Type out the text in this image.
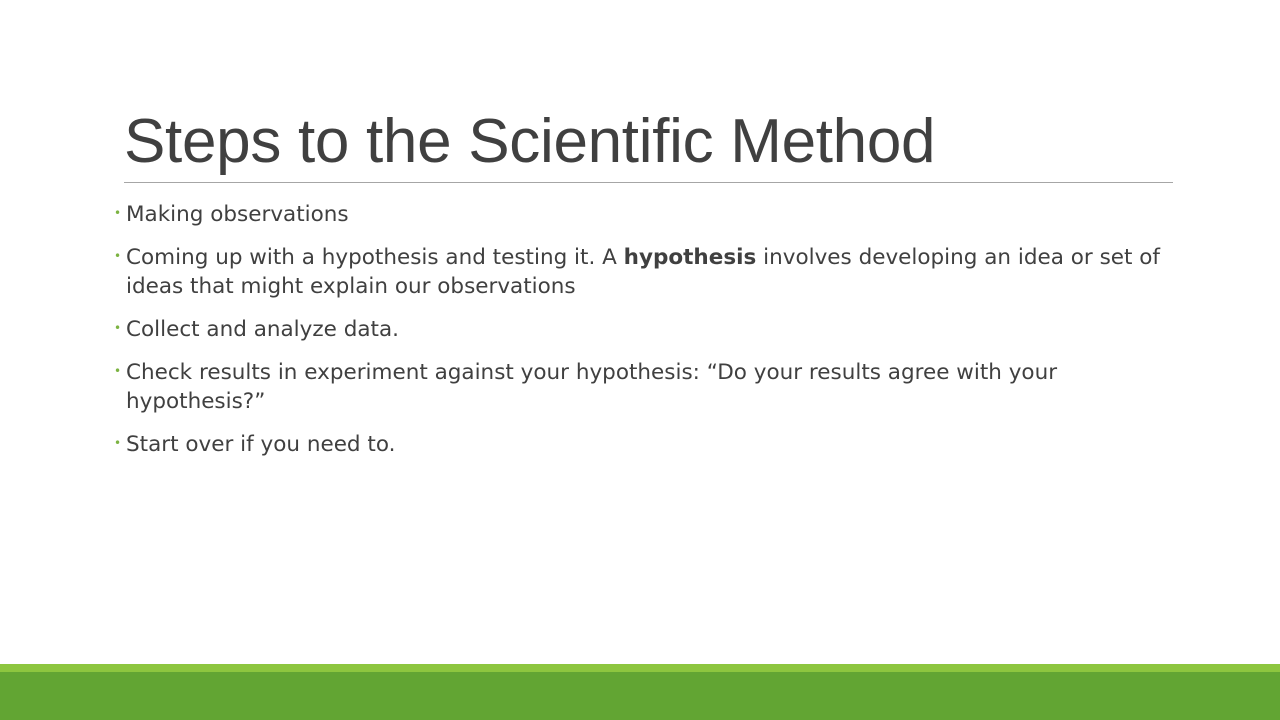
Steps to the Scientific Method
• Making observations
• Coming up with a hypothesis and testing it. A hypothesis involves developing an idea or set of ideas that might explain our observations
• Collect and analyze data.
• Check results in experiment against your hypothesis: “Do your results agree with your hypothesis?”
• Start over if you need to.
